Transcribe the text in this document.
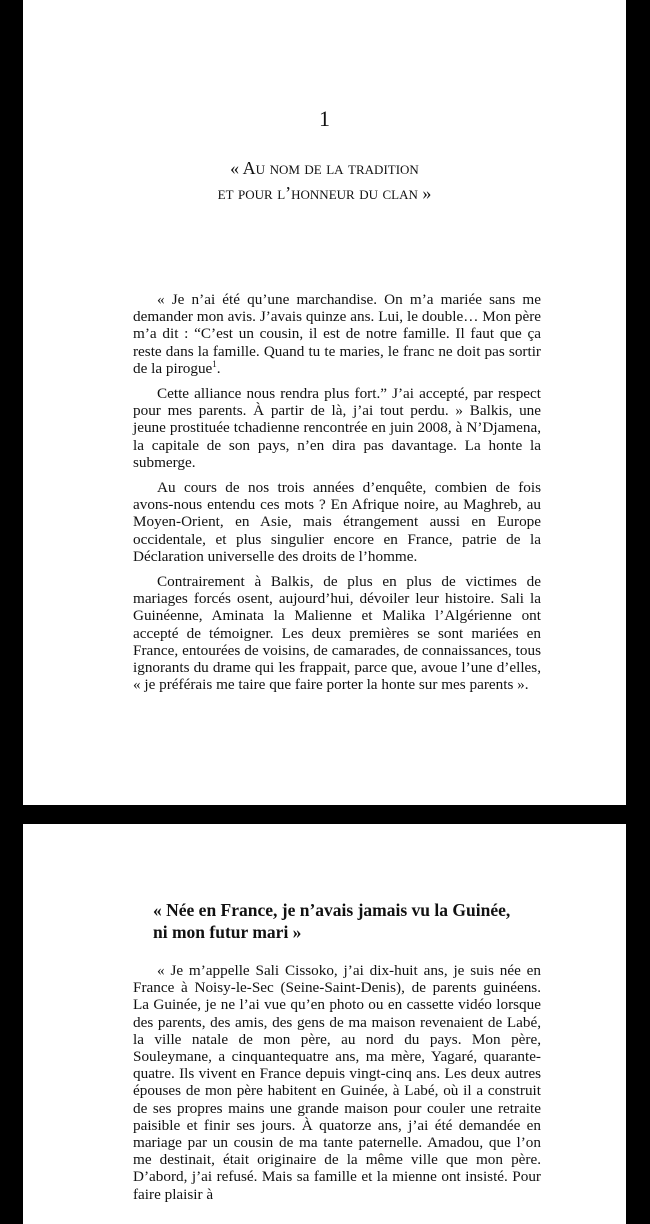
1
« Au nom de la tradition
et pour l’honneur du clan »

« Je n’ai été qu’une marchandise. On m’a mariée sans me demander mon avis. J’avais quinze ans. Lui, le double… Mon père m’a dit : “C’est un cousin, il est de notre famille. Il faut que ça reste dans la famille. Quand tu te maries, le franc ne doit pas sortir de la pirogue$^1$.

Cette alliance nous rendra plus fort.” J’ai accepté, par respect pour mes parents. À partir de là, j’ai tout perdu. » Balkis, une jeune prostituée tchadienne rencontrée en juin 2008, à N’Djamena, la capitale de son pays, n’en dira pas davantage. La honte la submerge.

Au cours de nos trois années d’enquête, combien de fois avons-nous entendu ces mots ? En Afrique noire, au Maghreb, au Moyen-Orient, en Asie, mais étrangement aussi en Europe occidentale, et plus singulier encore en France, patrie de la Déclaration universelle des droits de l’homme.

Contrairement à Balkis, de plus en plus de victimes de mariages forcés osent, aujourd’hui, dévoiler leur histoire. Sali la Guinéenne, Aminata la Malienne et Malika l’Algérienne ont accepté de témoigner. Les deux premières se sont mariées en France, entourées de voisins, de camarades, de connaissances, tous ignorants du drame qui les frappait, parce que, avoue l’une d’elles, « je préférais me taire que faire porter la honte sur mes parents ».

« Née en France, je n’avais jamais vu la Guinée,
ni mon futur mari »

« Je m’appelle Sali Cissoko, j’ai dix-huit ans, je suis née en France à Noisy-le-Sec (Seine-Saint-Denis), de parents guinéens. La Guinée, je ne l’ai vue qu’en photo ou en cassette vidéo lorsque des parents, des amis, des gens de ma maison revenaient de Labé, la ville natale de mon père, au nord du pays. Mon père, Souleymane, a cinquantequatre ans, ma mère, Yagaré, quarante-quatre. Ils vivent en France depuis vingt-cinq ans. Les deux autres épouses de mon père habitent en Guinée, à Labé, où il a construit de ses propres mains une grande maison pour couler une retraite paisible et finir ses jours. À quatorze ans, j’ai été demandée en mariage par un cousin de ma tante paternelle. Amadou, que l’on me destinait, était originaire de la même ville que mon père. D’abord, j’ai refusé. Mais sa famille et la mienne ont insisté. Pour faire plaisir à
